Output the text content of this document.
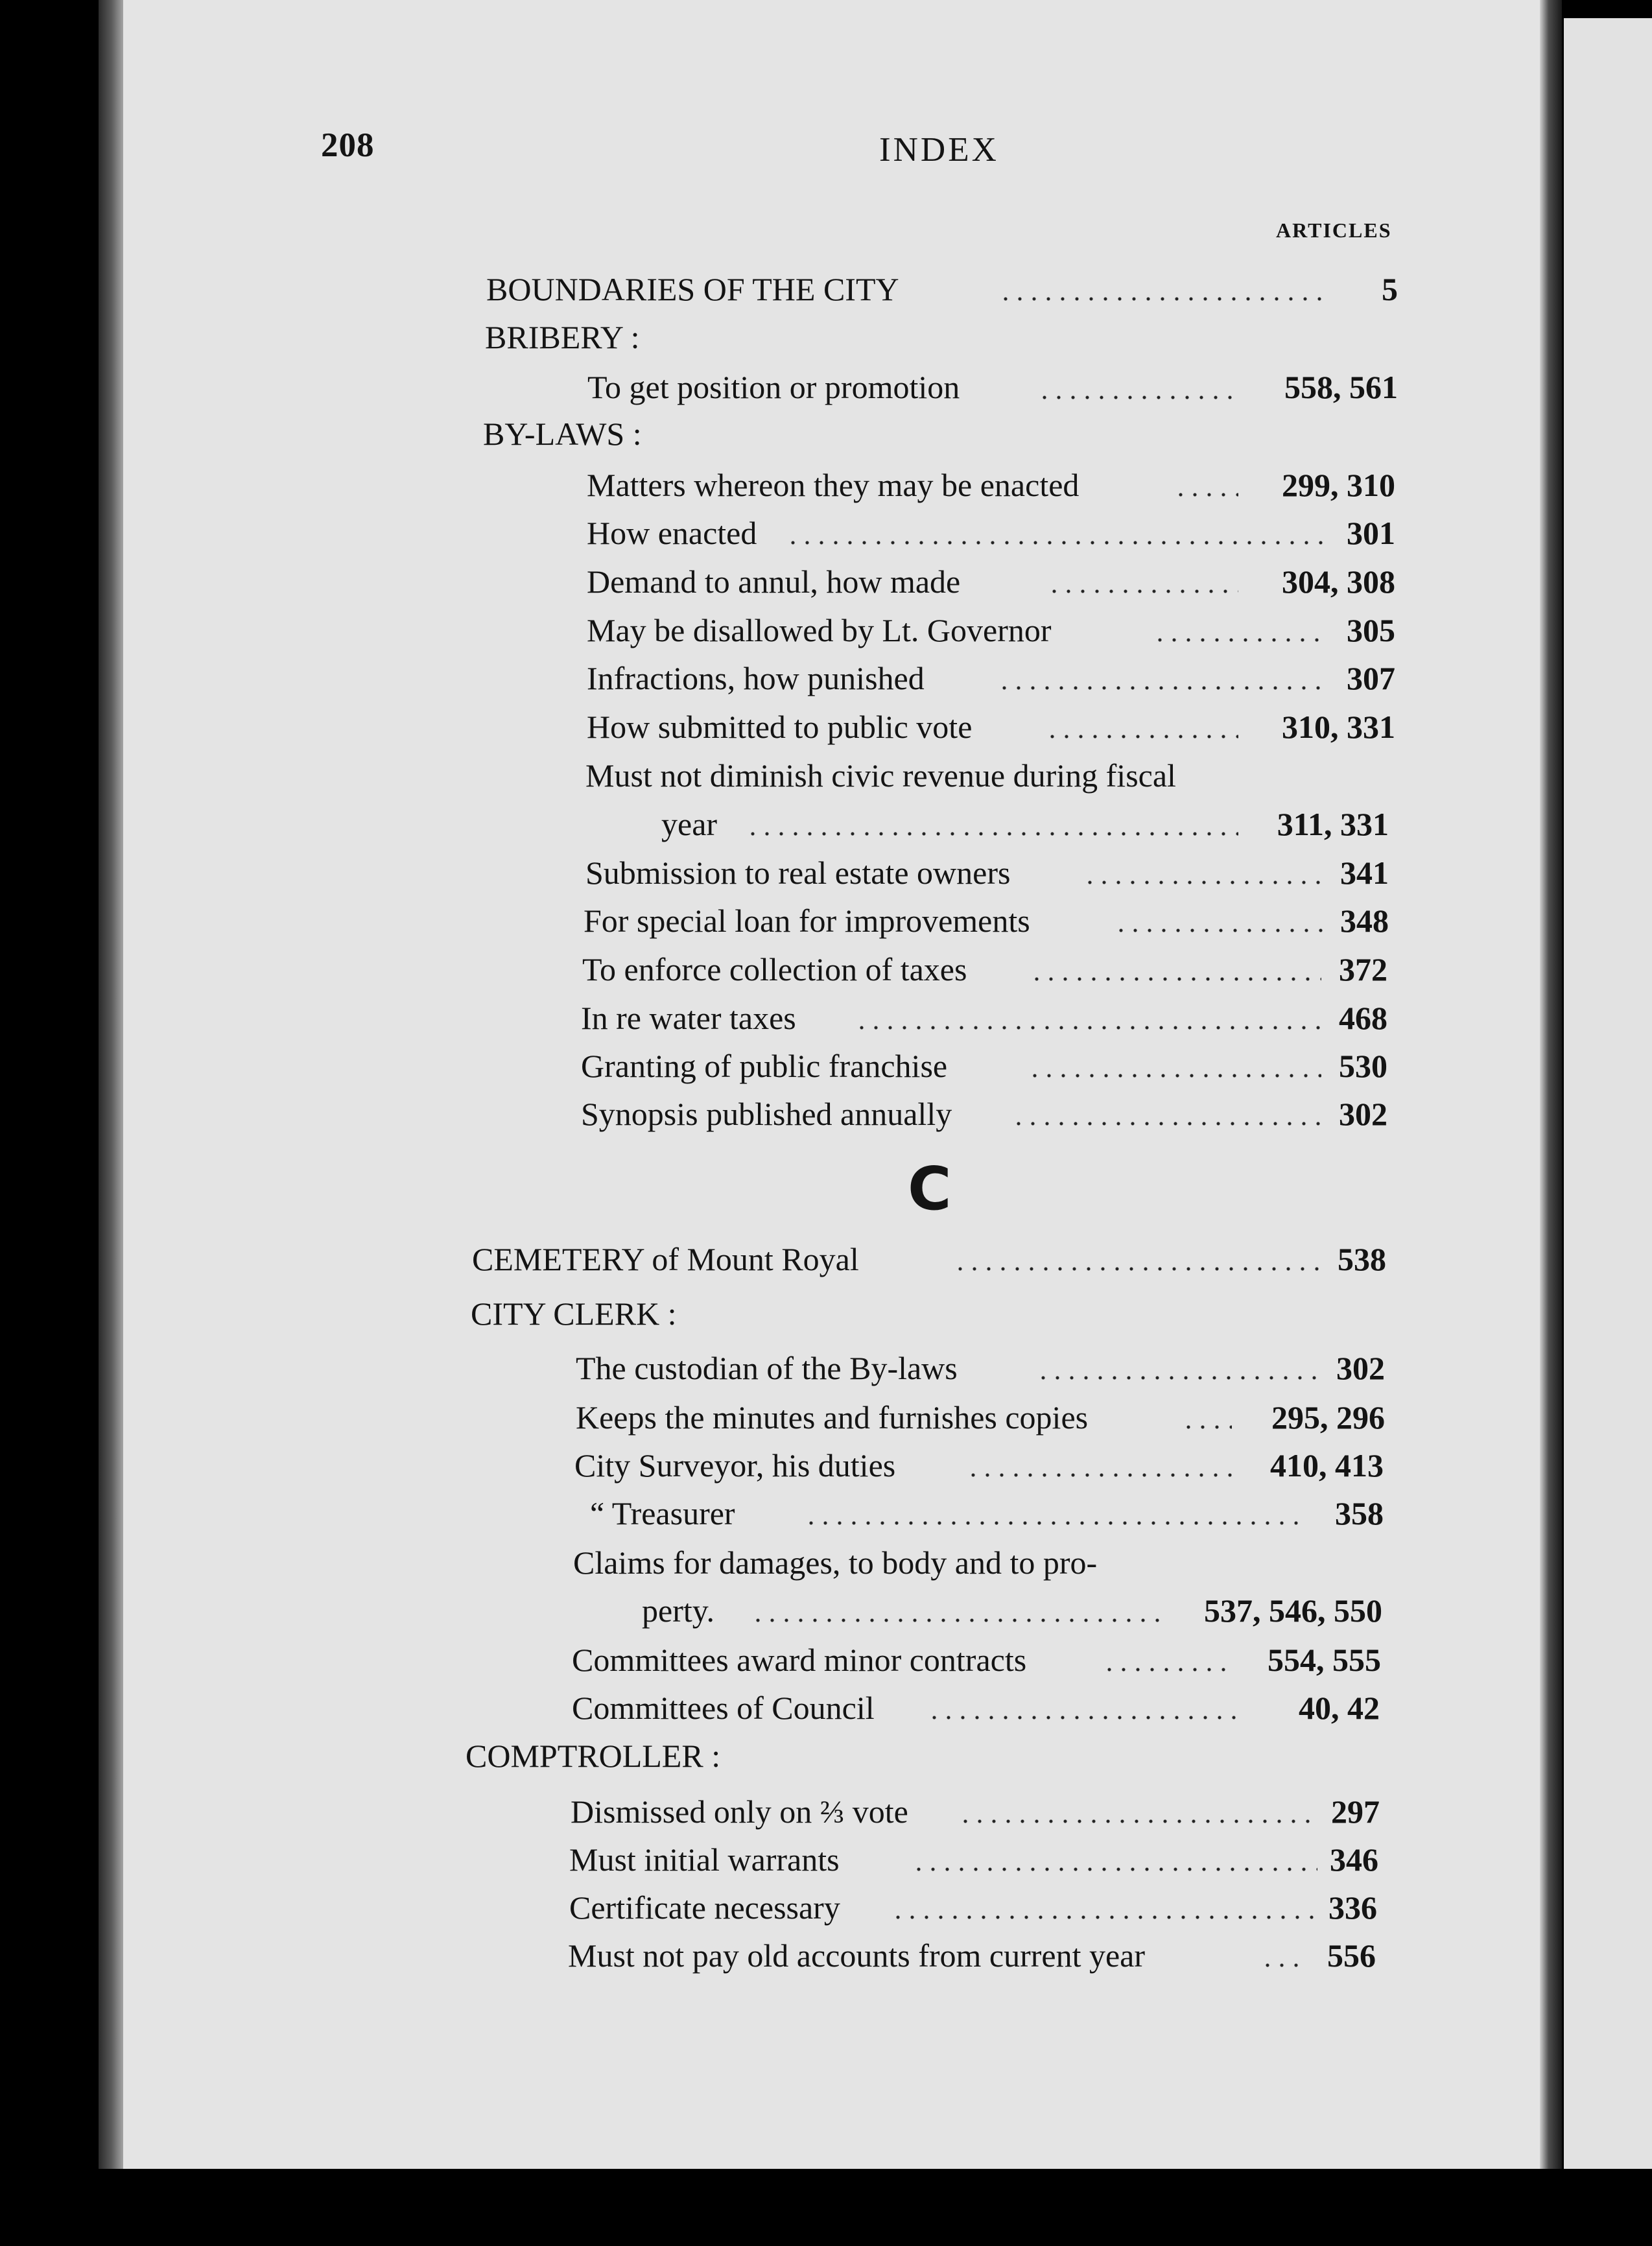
208	INDEX
ARTICLES
BOUNDARIES OF THE CITY	5
BRIBERY :
To get position or promotion	558, 561
BY-LAWS :
Matters whereon they may be enacted	299, 310
How enacted	301
Demand to annul, how made	304, 308
May be disallowed by Lt. Governor	305
Infractions, how punished	307
How submitted to public vote	310, 331
Must not diminish civic revenue during fiscal
year	311, 331
Submission to real estate owners	341
For special loan for improvements	348
To enforce collection of taxes	372
In re water taxes	468
Granting of public franchise	530
Synopsis published annually	302
C
CEMETERY of Mount Royal	538
CITY CLERK :
The custodian of the By-laws	302
Keeps the minutes and furnishes copies	295, 296
City Surveyor, his duties	410, 413
“ Treasurer	358
Claims for damages, to body and to pro-
perty.	537, 546, 550
Committees award minor contracts	554, 555
Committees of Council	40, 42
COMPTROLLER :
Dismissed only on ⅔ vote	297
Must initial warrants	346
Certificate necessary	336
Must not pay old accounts from current year	556
